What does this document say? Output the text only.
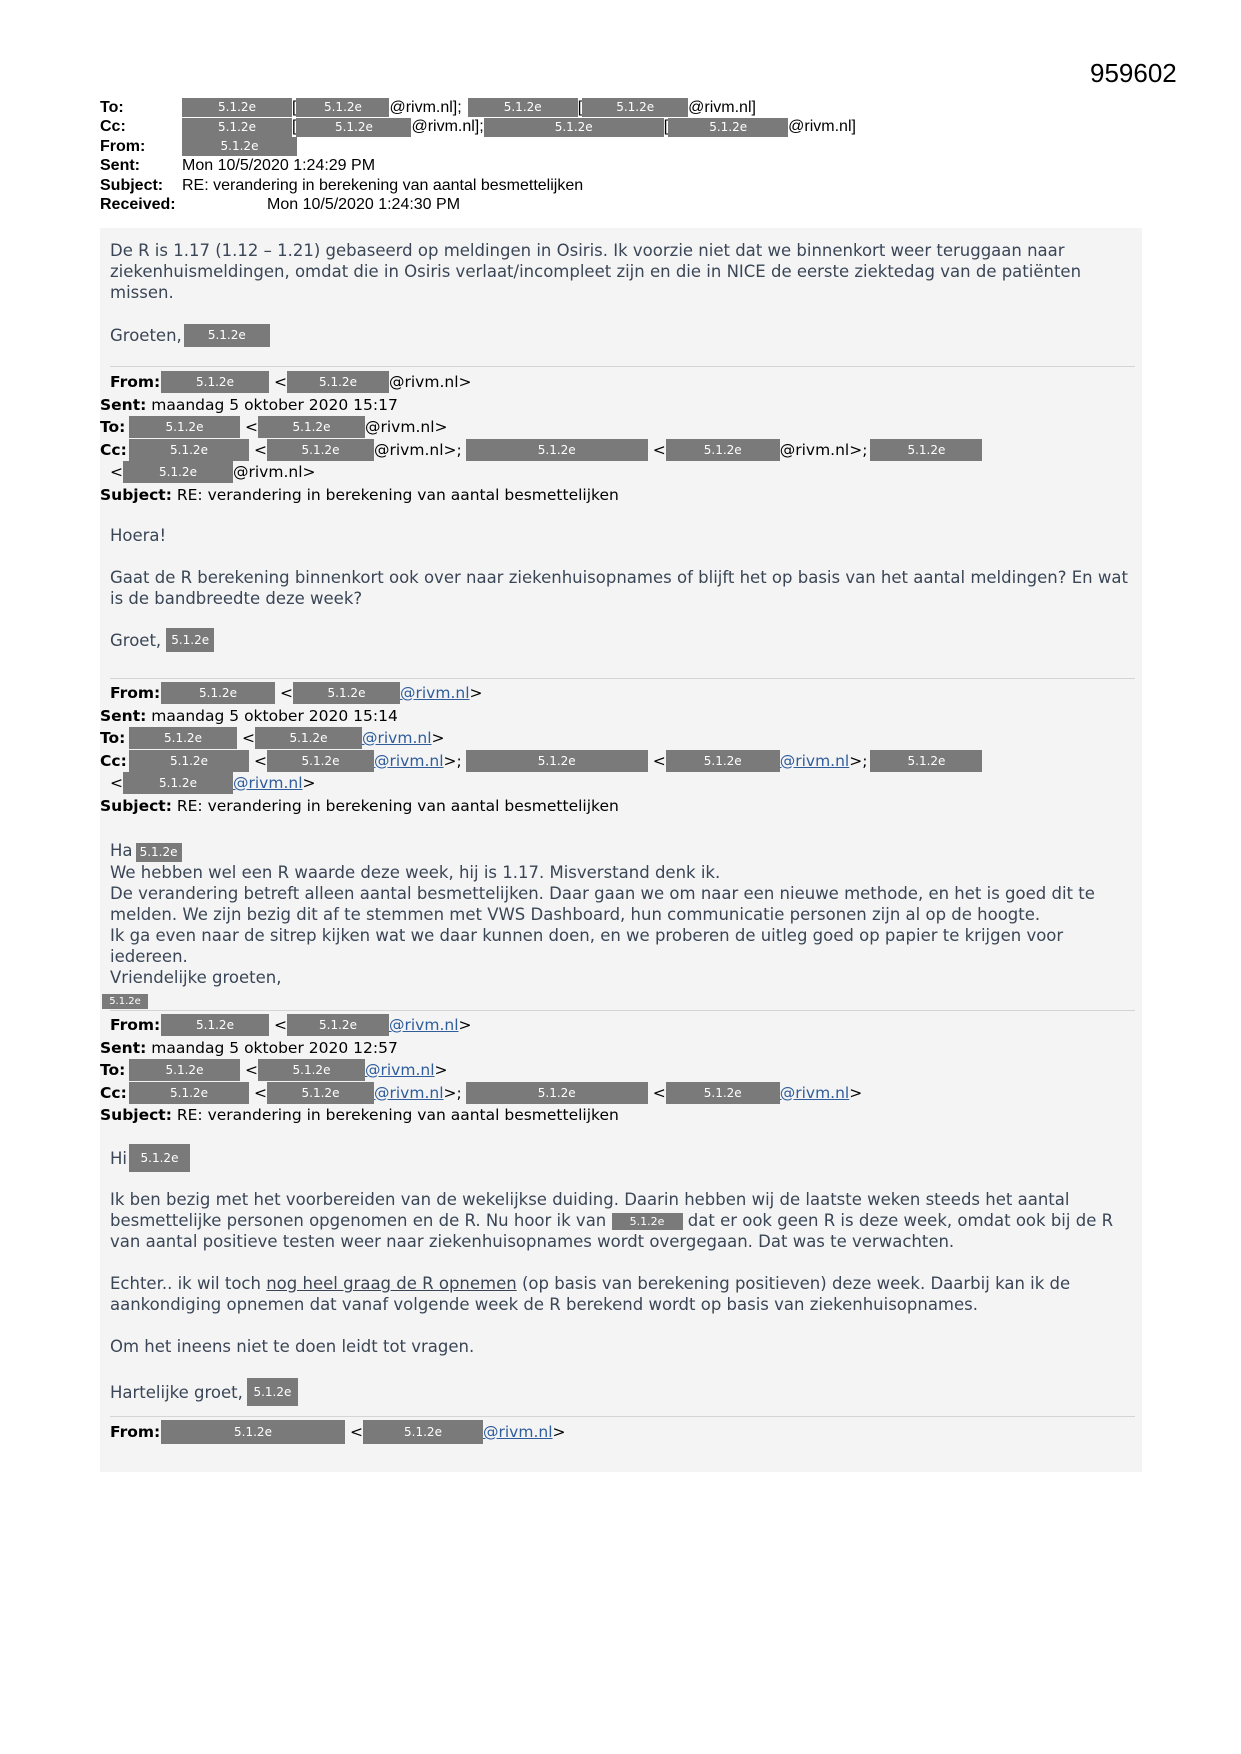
959602
To:	5.1.2e	[	5.1.2e	@rivm.nl];	5.1.2e	[	5.1.2e	@rivm.nl]
Cc:	5.1.2e	[	5.1.2e	@rivm.nl];	5.1.2e	[	5.1.2e	@rivm.nl]
From:	5.1.2e
Sent:	Mon 10/5/2020 1:24:29 PM
Subject:	RE: verandering in berekening van aantal besmettelijken
Received:	Mon 10/5/2020 1:24:30 PM
De R is 1.17 (1.12 – 1.21) gebaseerd op meldingen in Osiris. Ik voorzie niet dat we binnenkort weer teruggaan naar ziekenhuismeldingen, omdat die in Osiris verlaat/incompleet zijn en die in NICE de eerste ziektedag van de patiënten missen.
Groeten,	5.1.2e
From:	5.1.2e	<	5.1.2e	@rivm.nl>
Sent:
maandag 5 oktober 2020 15:17
To:	5.1.2e	<	5.1.2e	@rivm.nl>
Cc:	5.1.2e	<	5.1.2e	@rivm.nl>;	5.1.2e	<	5.1.2e	@rivm.nl>;	5.1.2e
<	5.1.2e	@rivm.nl>
Subject:
RE: verandering in berekening van aantal besmettelijken
Hoera!
Gaat de R berekening binnenkort ook over naar ziekenhuisopnames of blijft het op basis van het aantal meldingen? En wat is de bandbreedte deze week?
Groet, 5.1.2e
From:	5.1.2e	<	5.1.2e	@rivm.nl >
Sent:
maandag 5 oktober 2020 15:14
To:	5.1.2e	<	5.1.2e	@rivm.nl >
Cc:	5.1.2e	<	5.1.2e	@rivm.nl >;	5.1.2e	<	5.1.2e	@rivm.nl >;	5.1.2e
<	5.1.2e	@rivm.nl >
Subject:
RE: verandering in berekening van aantal besmettelijken
Ha 5.1.2e
We hebben wel een R waarde deze week, hij is 1.17. Misverstand denk ik.
De verandering betreft alleen aantal besmettelijken. Daar gaan we om naar een nieuwe methode, en het is goed dit te melden. We zijn bezig dit af te stemmen met VWS Dashboard, hun communicatie personen zijn al op de hoogte.
Ik ga even naar de sitrep kijken wat we daar kunnen doen, en we proberen de uitleg goed op papier te krijgen voor iedereen.
Vriendelijke groeten,
5.1.2e
From:	5.1.2e	<	5.1.2e	@rivm.nl >
Sent:
maandag 5 oktober 2020 12:57
To:	5.1.2e	<	5.1.2e	@rivm.nl >
Cc:	5.1.2e	<	5.1.2e	@rivm.nl >;	5.1.2e	<	5.1.2e	@rivm.nl >
Subject:
RE: verandering in berekening van aantal besmettelijken
Hi	5.1.2e
Ik ben bezig met het voorbereiden van de wekelijkse duiding. Daarin hebben wij de laatste weken steeds het aantal besmettelijke personen opgenomen en de R. Nu hoor ik van 5.1.2e dat er ook geen R is deze week, omdat ook bij de R van aantal positieve testen weer naar ziekenhuisopnames wordt overgegaan. Dat was te verwachten.
Echter.. ik wil toch nog heel graag de R opnemen (op basis van berekening positieven) deze week. Daarbij kan ik de aankondiging opnemen dat vanaf volgende week de R berekend wordt op basis van ziekenhuisopnames.
Om het ineens niet te doen leidt tot vragen.
Hartelijke groet, 5.1.2e
From:	5.1.2e	<	5.1.2e	@rivm.nl >
